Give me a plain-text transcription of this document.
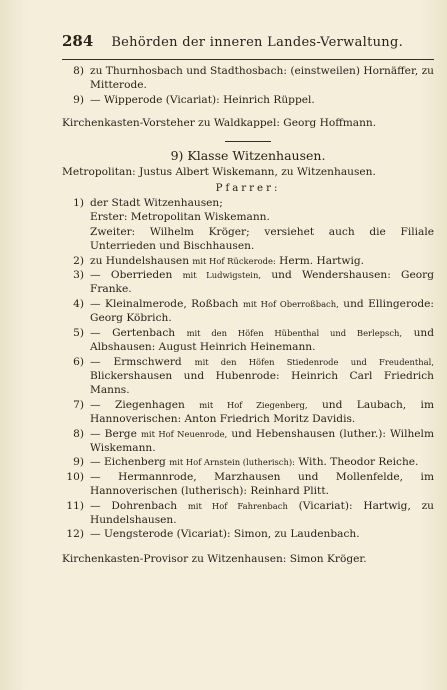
284 Behörden der inneren Landes-Verwaltung.
8) zu Thurnhosbach und Stadthosbach: (einstweilen) Hornäffer, zu Mitterode.
9) — Wipperode (Vicariat): Heinrich Rüppel.
Kirchenkasten-Vorsteher zu Waldkappel: Georg Hoffmann.
9) Klasse Witzenhausen.
Metropolitan: Justus Albert Wiskemann, zu Witzenhausen.
Pfarrer:
1) der Stadt Witzenhausen;
Erster: Metropolitan Wiskemann.
Zweiter: Wilhelm Kröger; versiehet auch die Filiale Unterrieden und Bischhausen.
2) zu Hundelshausen mit Hof Rückerode: Herm. Hartwig.
3) — Oberrieden mit Ludwigstein, und Wendershausen: Georg Franke.
4) — Kleinalmerode, Roßbach mit Hof Oberroßbach, und Ellingerode: Georg Köbrich.
5) — Gertenbach mit den Höfen Hübenthal und Berlepsch, und Albshausen: August Heinrich Heinemann.
6) — Ermschwerd mit den Höfen Stiedenrode und Freudenthal, Blickershausen und Hubenrode: Heinrich Carl Friedrich Manns.
7) — Ziegenhagen mit Hof Ziegenberg, und Laubach, im Hannoverischen: Anton Friedrich Moritz Davidis.
8) — Berge mit Hof Neuenrode, und Hebenshausen (luther.): Wilhelm Wiskemann.
9) — Eichenberg mit Hof Arnstein (lutherisch): With. Theodor Reiche.
10) — Hermannrode, Marzhausen und Mollenfelde, im Hannoverischen (lutherisch): Reinhard Plitt.
11) — Dohrenbach mit Hof Fahrenbach (Vicariat): Hartwig, zu Hundelshausen.
12) — Uengsterode (Vicariat): Simon, zu Laudenbach.
Kirchenkasten-Provisor zu Witzenhausen: Simon Kröger.
